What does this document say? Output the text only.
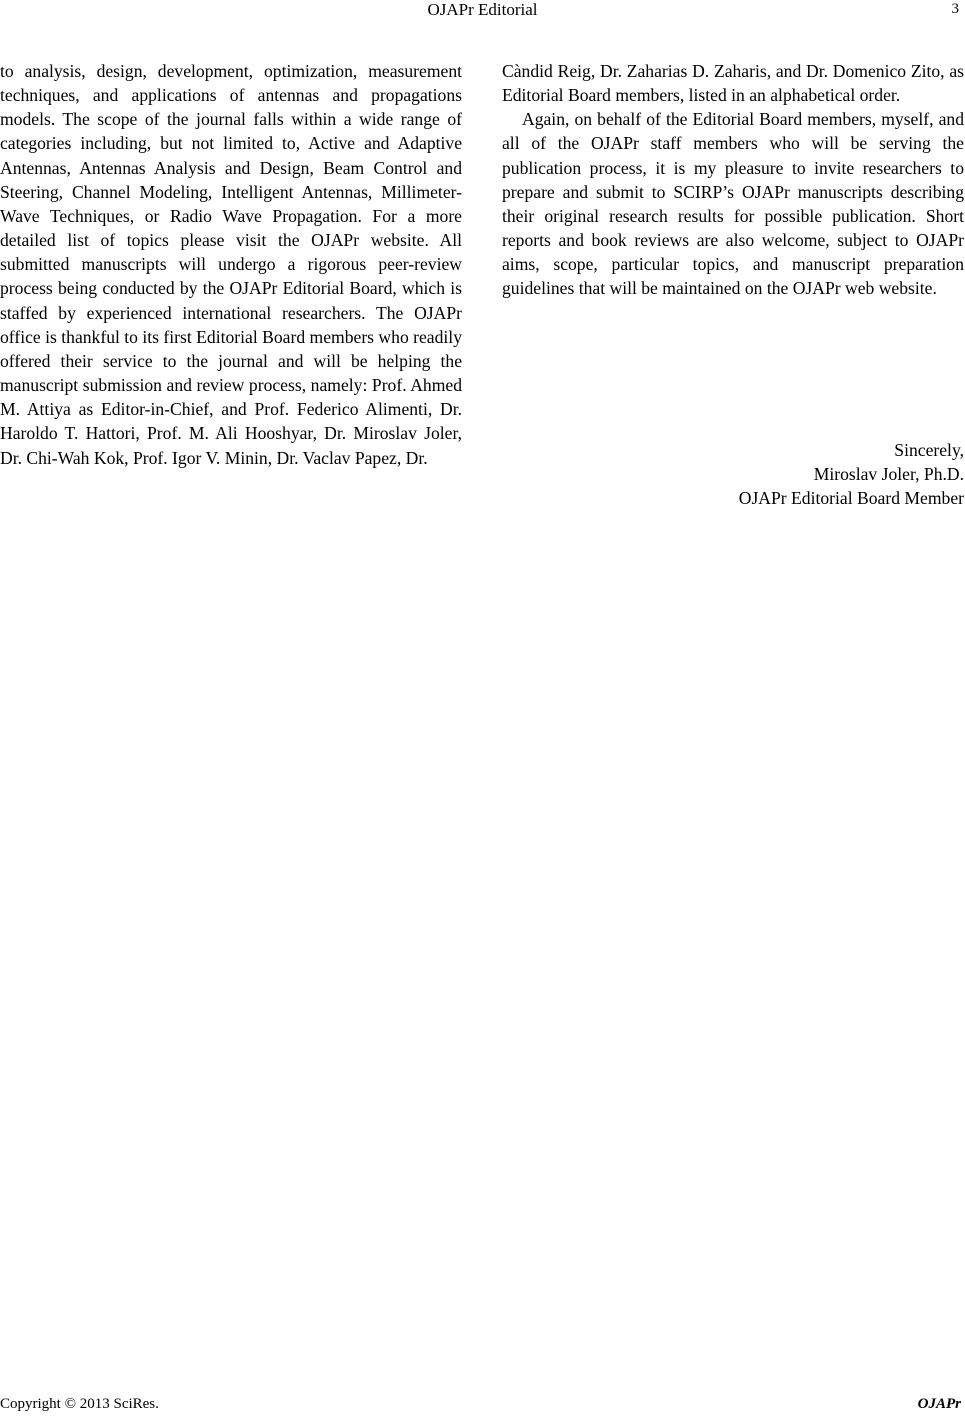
OJAPr Editorial	3

to analysis, design, development, optimization, measurement techniques, and applications of antennas and propagations models. The scope of the journal falls within a wide range of categories including, but not limited to, Active and Adaptive Antennas, Antennas Analysis and Design, Beam Control and Steering, Channel Modeling, Intelligent Antennas, Millimeter-Wave Techniques, or Radio Wave Propagation. For a more detailed list of topics please visit the OJAPr website. All submitted manuscripts will undergo a rigorous peer-review process being conducted by the OJAPr Editorial Board, which is staffed by experienced international researchers. The OJAPr office is thankful to its first Editorial Board members who readily offered their service to the journal and will be helping the manuscript submission and review process, namely: Prof. Ahmed M. Attiya as Editor-in-Chief, and Prof. Federico Alimenti, Dr. Haroldo T. Hattori, Prof. M. Ali Hooshyar, Dr. Miroslav Joler, Dr. Chi-Wah Kok, Prof. Igor V. Minin, Dr. Vaclav Papez, Dr.

Càndid Reig, Dr. Zaharias D. Zaharis, and Dr. Domenico Zito, as Editorial Board members, listed in an alphabetical order.

Again, on behalf of the Editorial Board members, myself, and all of the OJAPr staff members who will be serving the publication process, it is my pleasure to invite researchers to prepare and submit to SCIRP’s OJAPr manuscripts describing their original research results for possible publication. Short reports and book reviews are also welcome, subject to OJAPr aims, scope, particular topics, and manuscript preparation guidelines that will be maintained on the OJAPr web website.

Sincerely,
Miroslav Joler, Ph.D.
OJAPr Editorial Board Member
Copyright © 2013 SciRes.	OJAPr
